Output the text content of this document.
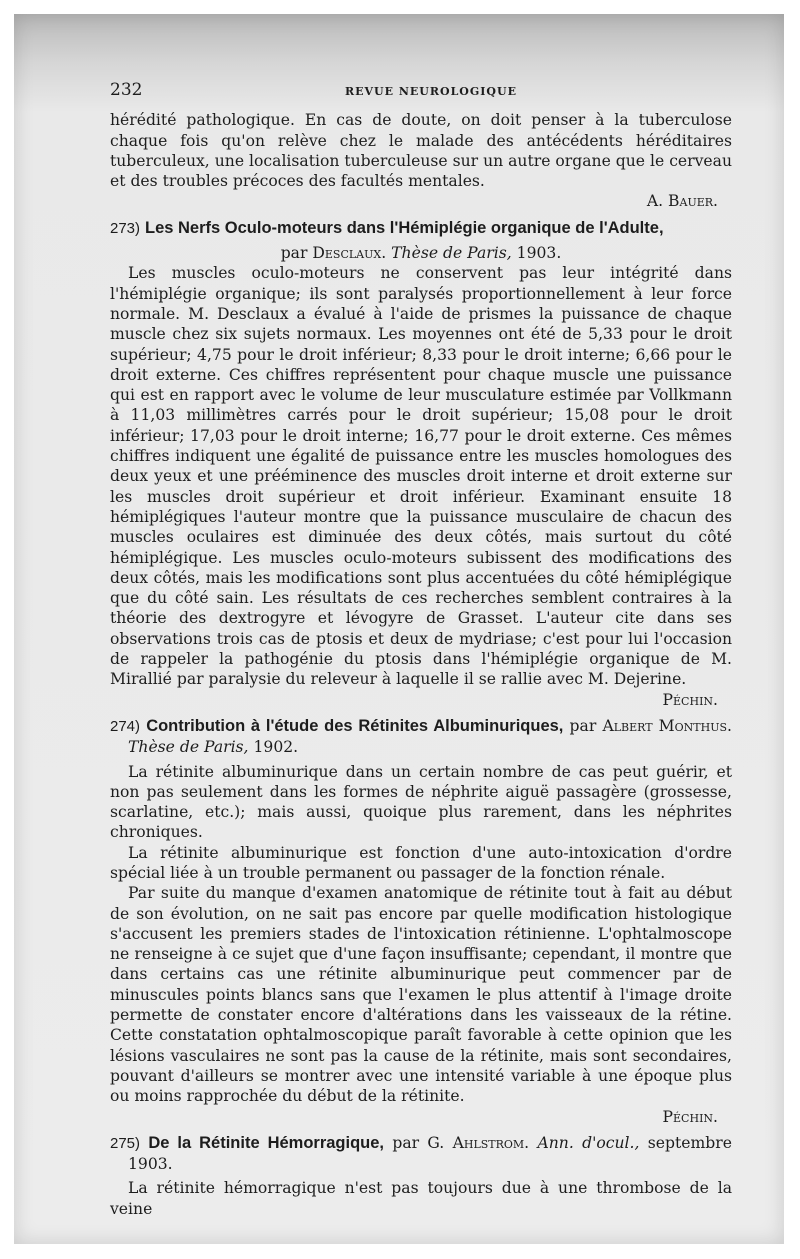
232	REVUE NEUROLOGIQUE

hérédité pathologique. En cas de doute, on doit penser à la tuberculose chaque fois qu'on relève chez le malade des antécédents héréditaires tuberculeux, une localisation tuberculeuse sur un autre organe que le cerveau et des troubles précoces des facultés mentales.

A. Bauer.

273) Les Nerfs Oculo-moteurs dans l'Hémiplégie organique de l'Adulte,

par Desclaux. Thèse de Paris, 1903.

Les muscles oculo-moteurs ne conservent pas leur intégrité dans l'hémiplégie organique; ils sont paralysés proportionnellement à leur force normale. M. Desclaux a évalué à l'aide de prismes la puissance de chaque muscle chez six sujets normaux. Les moyennes ont été de 5,33 pour le droit supérieur; 4,75 pour le droit inférieur; 8,33 pour le droit interne; 6,66 pour le droit externe. Ces chiffres représentent pour chaque muscle une puissance qui est en rapport avec le volume de leur musculature estimée par Vollkmann à 11,03 millimètres carrés pour le droit supérieur; 15,08 pour le droit inférieur; 17,03 pour le droit interne; 16,77 pour le droit externe. Ces mêmes chiffres indiquent une égalité de puissance entre les muscles homologues des deux yeux et une prééminence des muscles droit interne et droit externe sur les muscles droit supérieur et droit inférieur. Examinant ensuite 18 hémiplégiques l'auteur montre que la puissance musculaire de chacun des muscles oculaires est diminuée des deux côtés, mais surtout du côté hémiplégique. Les muscles oculo-moteurs subissent des modifications des deux côtés, mais les modifications sont plus accentuées du côté hémiplégique que du côté sain. Les résultats de ces recherches semblent contraires à la théorie des dextrogyre et lévogyre de Grasset. L'auteur cite dans ses observations trois cas de ptosis et deux de mydriase; c'est pour lui l'occasion de rappeler la pathogénie du ptosis dans l'hémiplégie organique de M. Mirallié par paralysie du releveur à laquelle il se rallie avec M. Dejerine.

Péchin.

274) Contribution à l'étude des Rétinites Albuminuriques, par Albert Monthus. Thèse de Paris, 1902.

La rétinite albuminurique dans un certain nombre de cas peut guérir, et non pas seulement dans les formes de néphrite aiguë passagère (grossesse, scarlatine, etc.); mais aussi, quoique plus rarement, dans les néphrites chroniques.

La rétinite albuminurique est fonction d'une auto-intoxication d'ordre spécial liée à un trouble permanent ou passager de la fonction rénale.

Par suite du manque d'examen anatomique de rétinite tout à fait au début de son évolution, on ne sait pas encore par quelle modification histologique s'accusent les premiers stades de l'intoxication rétinienne. L'ophtalmoscope ne renseigne à ce sujet que d'une façon insuffisante; cependant, il montre que dans certains cas une rétinite albuminurique peut commencer par de minuscules points blancs sans que l'examen le plus attentif à l'image droite permette de constater encore d'altérations dans les vaisseaux de la rétine. Cette constatation ophtalmoscopique paraît favorable à cette opinion que les lésions vasculaires ne sont pas la cause de la rétinite, mais sont secondaires, pouvant d'ailleurs se montrer avec une intensité variable à une époque plus ou moins rapprochée du début de la rétinite.

Péchin.

275) De la Rétinite Hémorragique, par G. Ahlstrom. Ann. d'ocul., septembre 1903.

La rétinite hémorragique n'est pas toujours due à une thrombose de la veine
